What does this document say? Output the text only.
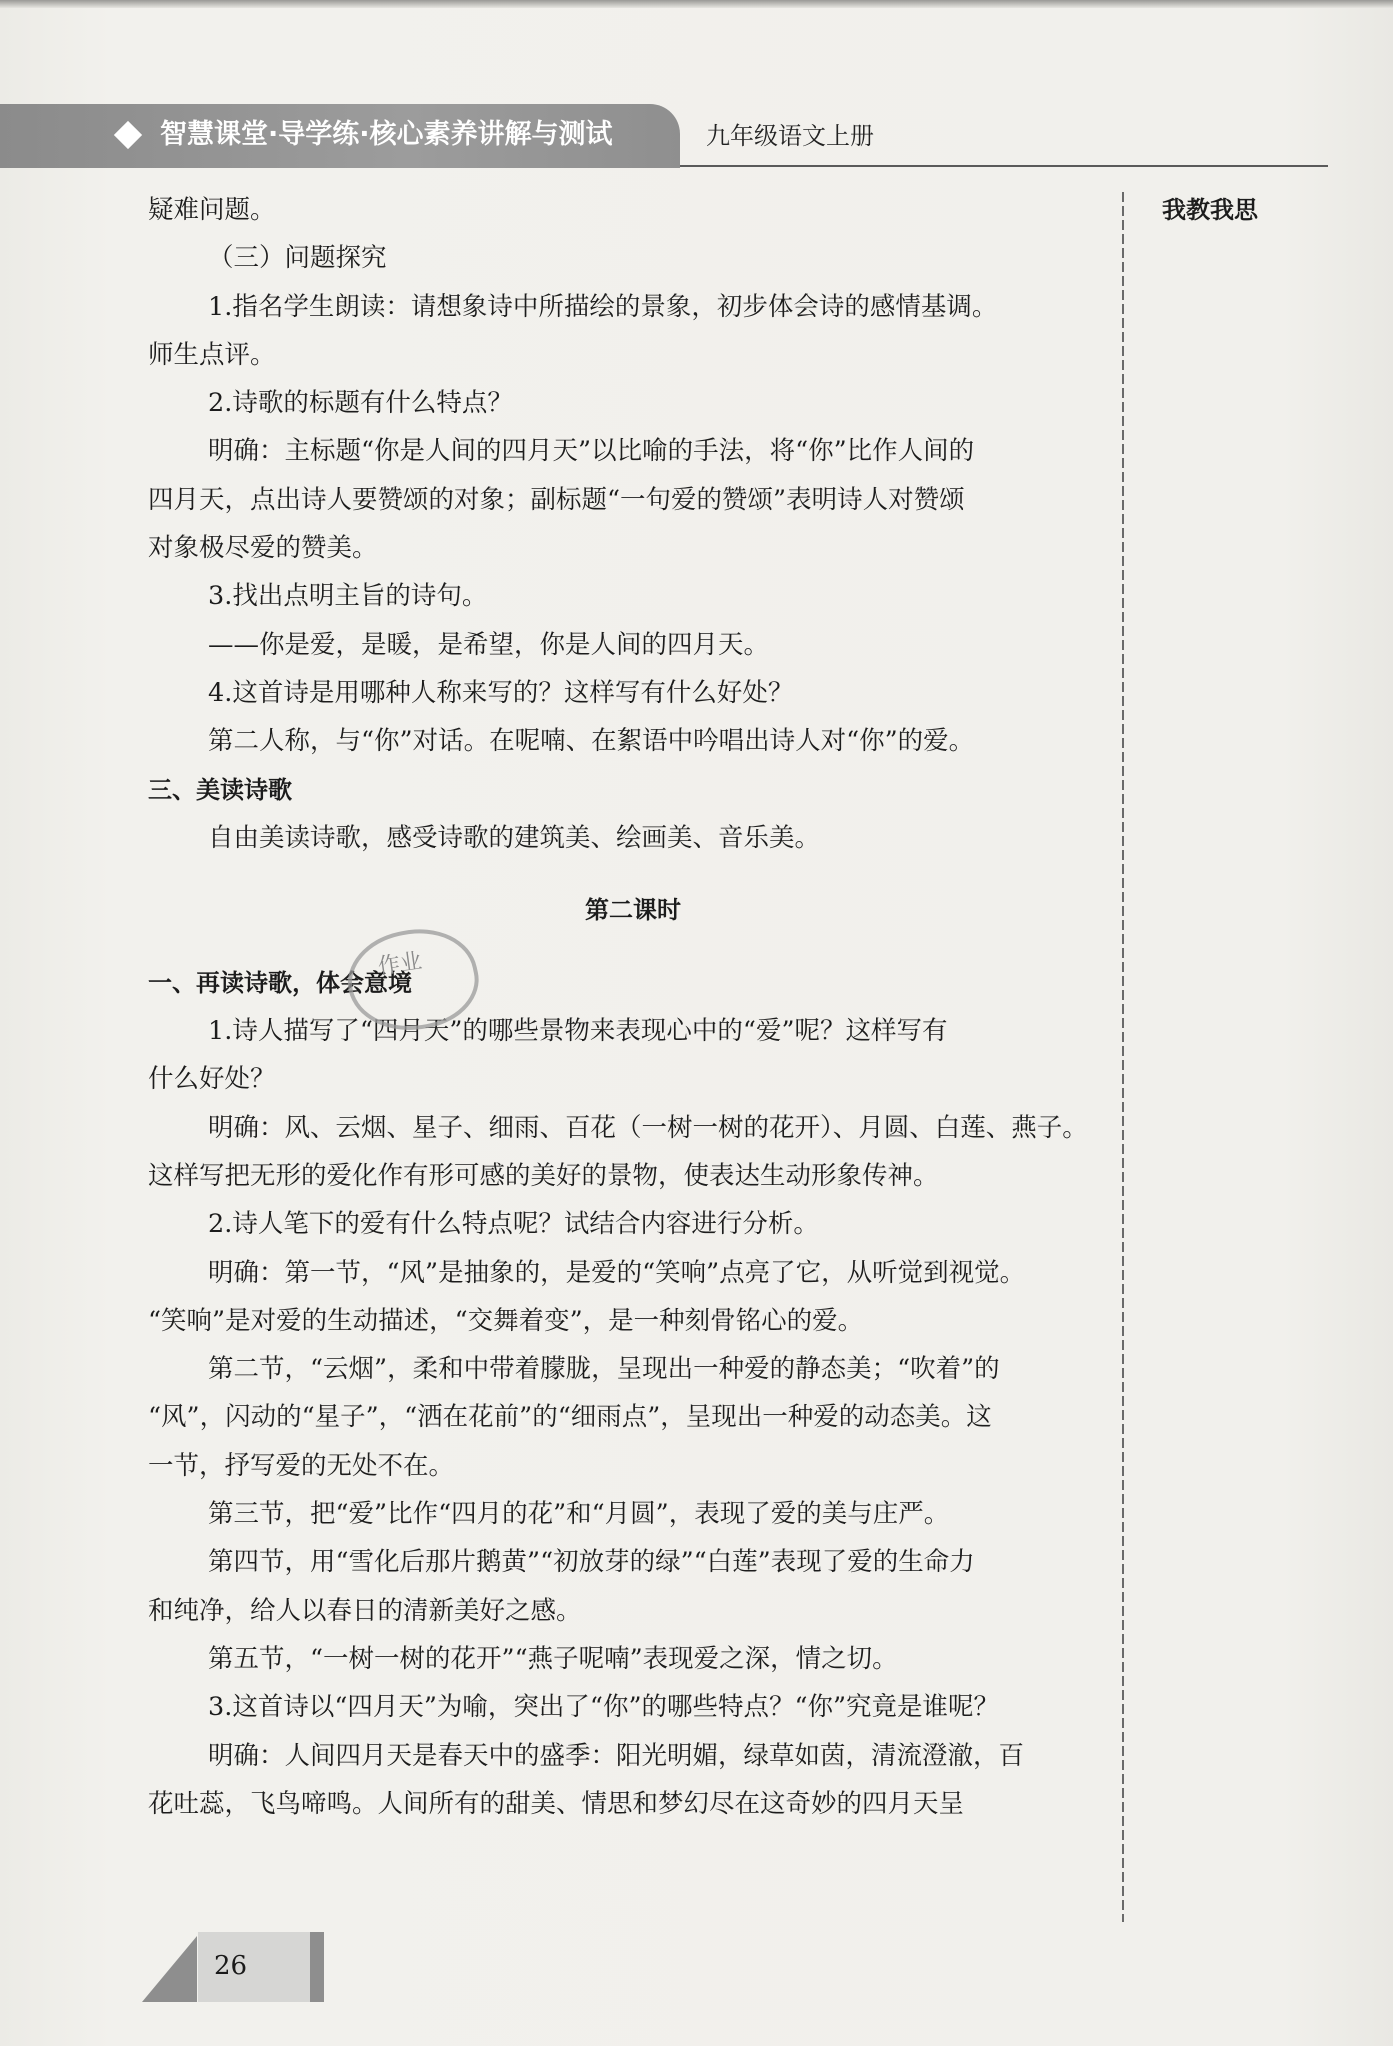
智慧课堂·导学练·核心素养讲解与测试	九年级语文上册
我教我思
疑难问题。
（三）问题探究
1.指名学生朗读：请想象诗中所描绘的景象，初步体会诗的感情基调。
师生点评。
2.诗歌的标题有什么特点？
明确：主标题“你是人间的四月天”以比喻的手法，将“你”比作人间的
四月天，点出诗人要赞颂的对象；副标题“一句爱的赞颂”表明诗人对赞颂
对象极尽爱的赞美。
3.找出点明主旨的诗句。
——你是爱，是暖，是希望，你是人间的四月天。
4.这首诗是用哪种人称来写的？这样写有什么好处？
第二人称，与“你”对话。在呢喃、在絮语中吟唱出诗人对“你”的爱。
三、美读诗歌
自由美读诗歌，感受诗歌的建筑美、绘画美、音乐美。
第二课时
一、再读诗歌，体会意境
1.诗人描写了“四月天”的哪些景物来表现心中的“爱”呢？这样写有
什么好处？
明确：风、云烟、星子、细雨、百花（一树一树的花开）、月圆、白莲、燕子。
这样写把无形的爱化作有形可感的美好的景物，使表达生动形象传神。
2.诗人笔下的爱有什么特点呢？试结合内容进行分析。
明确：第一节，“风”是抽象的，是爱的“笑响”点亮了它，从听觉到视觉。
“笑响”是对爱的生动描述，“交舞着变”，是一种刻骨铭心的爱。
第二节，“云烟”，柔和中带着朦胧，呈现出一种爱的静态美；“吹着”的
“风”，闪动的“星子”，“洒在花前”的“细雨点”，呈现出一种爱的动态美。这
一节，抒写爱的无处不在。
第三节，把“爱”比作“四月的花”和“月圆”，表现了爱的美与庄严。
第四节，用“雪化后那片鹅黄”“初放芽的绿”“白莲”表现了爱的生命力
和纯净，给人以春日的清新美好之感。
第五节，“一树一树的花开”“燕子呢喃”表现爱之深，情之切。
3.这首诗以“四月天”为喻，突出了“你”的哪些特点？“你”究竟是谁呢？
明确：人间四月天是春天中的盛季：阳光明媚，绿草如茵，清流澄澈，百
花吐蕊，飞鸟啼鸣。人间所有的甜美、情思和梦幻尽在这奇妙的四月天呈
作业
26
